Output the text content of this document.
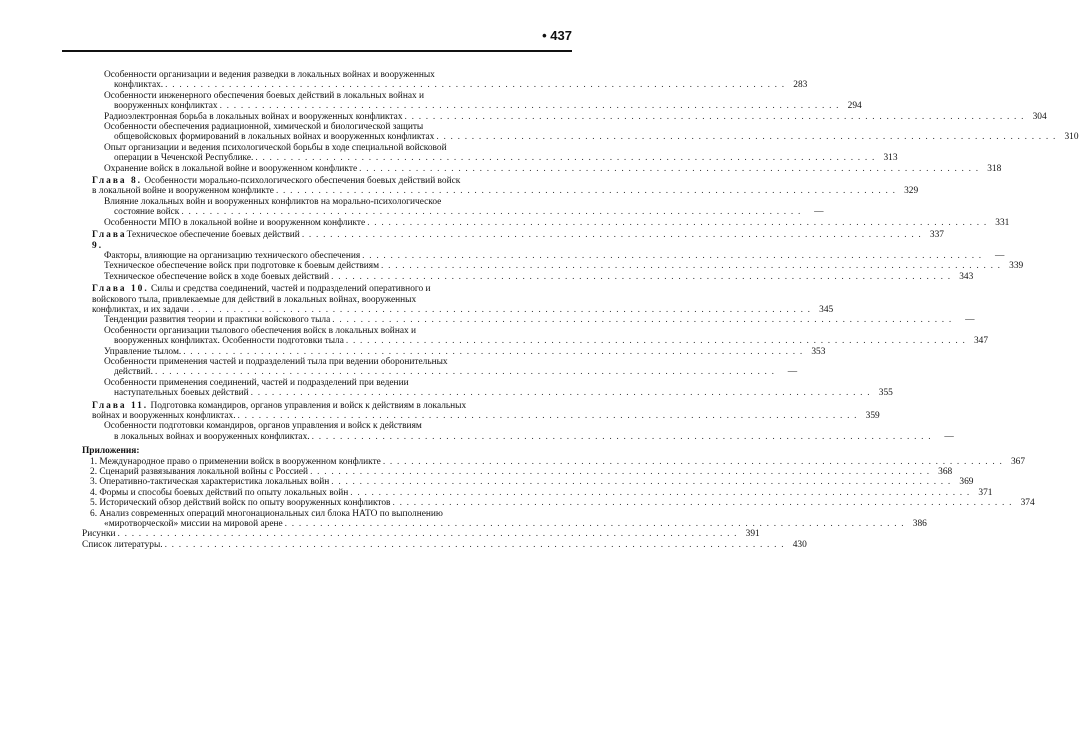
• 437
Особенности организации и ведения разведки в локальных войнах и вооруженных
конфликтах. . . . . . . . . . . . . . . . . . . . . . . . . . . . . . . . . . . . . . . . . . . . . . . . . . . . . . . . . . . . . . . . . . . . . . . . . . . . . . . . . . . . . . . . . 283
Особенности инженерного обеспечения боевых действий в локальных войнах и
вооруженных конфликтах . . . . . . . . . . . . . . . . . . . . . . . . . . . . . . . . . . . . . . . . . . . . . . . . . . . . . . . . . . . . . . . . . . . . . . . . . . . . . . . . . . . . . . . . 294
Радиоэлектронная борьба в локальных войнах и вооруженных конфликтах . . . . . . . . . . . . . . . . . . . . . . . . . . . . . . . . . . . . . . . . . . . . . . . . . . . . . . . . . . . . . . . . . . . . . . . . . . . . . . . . . . . . . . . . 304
Особенности обеспечения радиационной, химической и биологической защиты
общевойсковых формирований в локальных войнах и вооруженных конфликтах . . . . . . . . . . . . . . . . . . . . . . . . . . . . . . . . . . . . . . . . . . . . . . . . . . . . . . . . . . . . . . . . . . . . . . . . . . . . . . . . . . . . . . . . 310
Опыт организации и ведения психологической борьбы в ходе специальной войсковой
операции в Чеченской Республике. . . . . . . . . . . . . . . . . . . . . . . . . . . . . . . . . . . . . . . . . . . . . . . . . . . . . . . . . . . . . . . . . . . . . . . . . . . . . . . . . . . . . . . . . 313
Охранение войск в локальной войне и вооруженном конфликте . . . . . . . . . . . . . . . . . . . . . . . . . . . . . . . . . . . . . . . . . . . . . . . . . . . . . . . . . . . . . . . . . . . . . . . . . . . . . . . . . . . . . . . . 318
Глава 8. Особенности морально-психологического обеспечения боевых действий войск
в локальной войне и вооруженном конфликте . . . . . . . . . . . . . . . . . . . . . . . . . . . . . . . . . . . . . . . . . . . . . . . . . . . . . . . . . . . . . . . . . . . . . . . . . . . . . . . . . . . . . . . . 329
Влияние локальных войн и вооруженных конфликтов на морально-психологическое
состояние войск . . . . . . . . . . . . . . . . . . . . . . . . . . . . . . . . . . . . . . . . . . . . . . . . . . . . . . . . . . . . . . . . . . . . . . . . . . . . . . . . . . . . . . . .	—
Особенности МПО в локальной войне и вооруженном конфликте . . . . . . . . . . . . . . . . . . . . . . . . . . . . . . . . . . . . . . . . . . . . . . . . . . . . . . . . . . . . . . . . . . . . . . . . . . . . . . . . . . . . . . . . 331
Глава 9.
Техническое обеспечение боевых действий . . . . . . . . . . . . . . . . . . . . . . . . . . . . . . . . . . . . . . . . . . . . . . . . . . . . . . . . . . . . . . . . . . . . . . . . . . . . . . . . . . . . . . . . 337
Факторы, влияющие на организацию технического обеспечения . . . . . . . . . . . . . . . . . . . . . . . . . . . . . . . . . . . . . . . . . . . . . . . . . . . . . . . . . . . . . . . . . . . . . . . . . . . . . . . . . . . . . . . .	—
Техническое обеспечение войск при подготовке к боевым действиям . . . . . . . . . . . . . . . . . . . . . . . . . . . . . . . . . . . . . . . . . . . . . . . . . . . . . . . . . . . . . . . . . . . . . . . . . . . . . . . . . . . . . . . . 339
Техническое обеспечение войск в ходе боевых действий . . . . . . . . . . . . . . . . . . . . . . . . . . . . . . . . . . . . . . . . . . . . . . . . . . . . . . . . . . . . . . . . . . . . . . . . . . . . . . . . . . . . . . . . 343
Глава 10. Силы и средства соединений, частей и подразделений оперативного и
войскового тыла, привлекаемые для действий в локальных войнах, вооруженных
конфликтах, и их задачи . . . . . . . . . . . . . . . . . . . . . . . . . . . . . . . . . . . . . . . . . . . . . . . . . . . . . . . . . . . . . . . . . . . . . . . . . . . . . . . . . . . . . . . . 345
Тенденции развития теории и практики войскового тыла . . . . . . . . . . . . . . . . . . . . . . . . . . . . . . . . . . . . . . . . . . . . . . . . . . . . . . . . . . . . . . . . . . . . . . . . . . . . . . . . . . . . . . . .	—
Особенности организации тылового обеспечения войск в локальных войнах и
вооруженных конфликтах. Особенности подготовки тыла . . . . . . . . . . . . . . . . . . . . . . . . . . . . . . . . . . . . . . . . . . . . . . . . . . . . . . . . . . . . . . . . . . . . . . . . . . . . . . . . . . . . . . . . 347
Управление тылом. . . . . . . . . . . . . . . . . . . . . . . . . . . . . . . . . . . . . . . . . . . . . . . . . . . . . . . . . . . . . . . . . . . . . . . . . . . . . . . . . . . . . . . . . 353
Особенности применения частей и подразделений тыла при ведении оборонительных
действий. . . . . . . . . . . . . . . . . . . . . . . . . . . . . . . . . . . . . . . . . . . . . . . . . . . . . . . . . . . . . . . . . . . . . . . . . . . . . . . . . . . . . . . . .	—
Особенности применения соединений, частей и подразделений при ведении
наступательных боевых действий . . . . . . . . . . . . . . . . . . . . . . . . . . . . . . . . . . . . . . . . . . . . . . . . . . . . . . . . . . . . . . . . . . . . . . . . . . . . . . . . . . . . . . . . 355
Глава 11. Подготовка командиров, органов управления и войск к действиям в локальных
войнах и вооруженных конфликтах. . . . . . . . . . . . . . . . . . . . . . . . . . . . . . . . . . . . . . . . . . . . . . . . . . . . . . . . . . . . . . . . . . . . . . . . . . . . . . . . . . . . . . . . . 359
Особенности подготовки командиров, органов управления и войск к действиям
в локальных войнах и вооруженных конфликтах. . . . . . . . . . . . . . . . . . . . . . . . . . . . . . . . . . . . . . . . . . . . . . . . . . . . . . . . . . . . . . . . . . . . . . . . . . . . . . . . . . . . . . . . .	—
Приложения:
1. Международное право о применении войск в вооруженном конфликте . . . . . . . . . . . . . . . . . . . . . . . . . . . . . . . . . . . . . . . . . . . . . . . . . . . . . . . . . . . . . . . . . . . . . . . . . . . . . . . . . . . . . . . . 367
2. Сценарий развязывания локальной войны с Россией . . . . . . . . . . . . . . . . . . . . . . . . . . . . . . . . . . . . . . . . . . . . . . . . . . . . . . . . . . . . . . . . . . . . . . . . . . . . . . . . . . . . . . . . 368
3. Оперативно-тактическая характеристика локальных войн . . . . . . . . . . . . . . . . . . . . . . . . . . . . . . . . . . . . . . . . . . . . . . . . . . . . . . . . . . . . . . . . . . . . . . . . . . . . . . . . . . . . . . . . 369
4. Формы и способы боевых действий по опыту локальных войн . . . . . . . . . . . . . . . . . . . . . . . . . . . . . . . . . . . . . . . . . . . . . . . . . . . . . . . . . . . . . . . . . . . . . . . . . . . . . . . . . . . . . . . . 371
5. Исторический обзор действий войск по опыту вооруженных конфликтов . . . . . . . . . . . . . . . . . . . . . . . . . . . . . . . . . . . . . . . . . . . . . . . . . . . . . . . . . . . . . . . . . . . . . . . . . . . . . . . . . . . . . . . . 374
6. Анализ современных операций многонациональных сил блока НАТО по выполнению
«миротворческой» миссии на мировой арене . . . . . . . . . . . . . . . . . . . . . . . . . . . . . . . . . . . . . . . . . . . . . . . . . . . . . . . . . . . . . . . . . . . . . . . . . . . . . . . . . . . . . . . . 386
Рисунки . . . . . . . . . . . . . . . . . . . . . . . . . . . . . . . . . . . . . . . . . . . . . . . . . . . . . . . . . . . . . . . . . . . . . . . . . . . . . . . . . . . . . . . . 391
Список литературы. . . . . . . . . . . . . . . . . . . . . . . . . . . . . . . . . . . . . . . . . . . . . . . . . . . . . . . . . . . . . . . . . . . . . . . . . . . . . . . . . . . . . . . . . 430
